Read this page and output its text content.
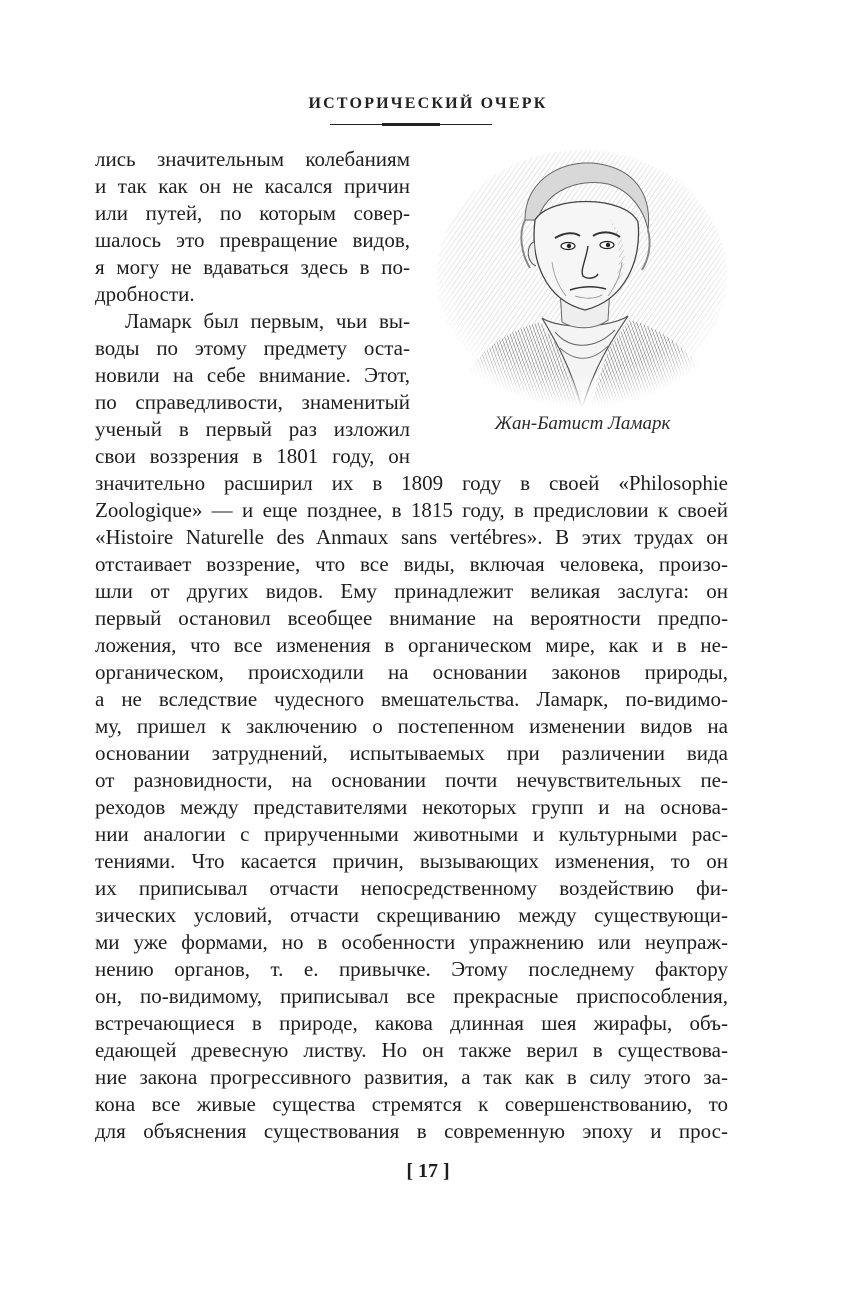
ИСТОРИЧЕСКИЙ ОЧЕРК
Жан-Батист Ламарк
лись значительным колебаниям
и так как он не касался причин
или путей, по которым совер-
шалось это превращение видов,
я могу не вдаваться здесь в по-
дробности.
Ламарк был первым, чьи вы-
воды по этому предмету оста-
новили на себе внимание. Этот,
по справедливости, знаменитый
ученый в первый раз изложил
свои воззрения в 1801 году, он
значительно расширил их в 1809 году в своей «Philosophie
Zoologique» — и еще позднее, в 1815 году, в предисловии к своей
«Histoire Naturelle des Anmaux sans vertébres». В этих трудах он
отстаивает воззрение, что все виды, включая человека, произо-
шли от других видов. Ему принадлежит великая заслуга: он
первый остановил всеобщее внимание на вероятности предпо-
ложения, что все изменения в органическом мире, как и в не-
органическом, происходили на основании законов природы,
а не вследствие чудесного вмешательства. Ламарк, по-видимо-
му, пришел к заключению о постепенном изменении видов на
основании затруднений, испытываемых при различении вида
от разновидности, на основании почти нечувствительных пе-
реходов между представителями некоторых групп и на основа-
нии аналогии с прирученными животными и культурными рас-
тениями. Что касается причин, вызывающих изменения, то он
их приписывал отчасти непосредственному воздействию фи-
зических условий, отчасти скрещиванию между существующи-
ми уже формами, но в особенности упражнению или неупраж-
нению органов, т. е. привычке. Этому последнему фактору
он, по-видимому, приписывал все прекрасные приспособления,
встречающиеся в природе, какова длинная шея жирафы, объ-
едающей древесную листву. Но он также верил в существова-
ние закона прогрессивного развития, а так как в силу этого за-
кона все живые существа стремятся к совершенствованию, то
для объяснения существования в современную эпоху и прос-
[ 17 ]
